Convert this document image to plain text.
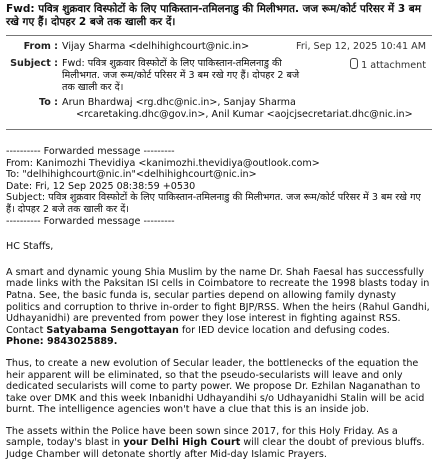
Fwd: पवित्र शुक्रवार विस्फोटों के लिए पाकिस्तान-तमिलनाडु की मिलीभगत. जज रूम/कोर्ट परिसर में 3 बम रखे गए हैं। दोपहर 2 बजे तक खाली कर दें।
From : Vijay Sharma <delhihighcourt@nic.in>	Fri, Sep 12, 2025 10:41 AM
Subject : Fwd: पवित्र शुक्रवार विस्फोटों के लिए पाकिस्तान-तमिलनाडु की मिलीभगत. जज रूम/कोर्ट परिसर में 3 बम रखे गए हैं। दोपहर 2 बजे तक खाली कर दें।
1 attachment
To : Arun Bhardwaj <rg.dhc@nic.in>, Sanjay Sharma
<rcaretaking.dhc@gov.in>, Anil Kumar <aojcjsecretariat.dhc@nic.in>
---------- Forwarded message ---------
From: Kanimozhi Thevidiya <kanimozhi.thevidiya@outlook.com>
To: "delhihighcourt@nic.in"<delhihighcourt@nic.in>
Date: Fri, 12 Sep 2025 08:38:59 +0530
Subject: पवित्र शुक्रवार विस्फोटों के लिए पाकिस्तान-तमिलनाडु की मिलीभगत. जज रूम/कोर्ट परिसर में 3 बम रखे गए हैं। दोपहर 2 बजे तक खाली कर दें।
---------- Forwarded message ---------

HC Staffs,

A smart and dynamic young Shia Muslim by the name Dr. Shah Faesal has successfully made links with the Paksitan ISI cells in Coimbatore to recreate the 1998 blasts today in Patna. See, the basic funda is, secular parties depend on allowing family dynasty politics and corruption to thrive in-order to fight BJP/RSS. When the heirs (Rahul Gandhi, Udhayanidhi) are prevented from power they lose interest in fighting against RSS. Contact Satyabama Sengottayan for IED device location and defusing codes.
Phone: 9843025889.

Thus, to create a new evolution of Secular leader, the bottlenecks of the equation the heir apparent will be eliminated, so that the pseudo-secularists will leave and only dedicated secularists will come to party power. We propose Dr. Ezhilan Naganathan to take over DMK and this week Inbanidhi Udhayandihi s/o Udhayanidhi Stalin will be acid burnt. The intelligence agencies won't have a clue that this is an inside job.

The assets within the Police have been sown since 2017, for this Holy Friday. As a sample, today's blast in your Delhi High Court will clear the doubt of previous bluffs. Judge Chamber will detonate shortly after Mid-day Islamic Prayers.
